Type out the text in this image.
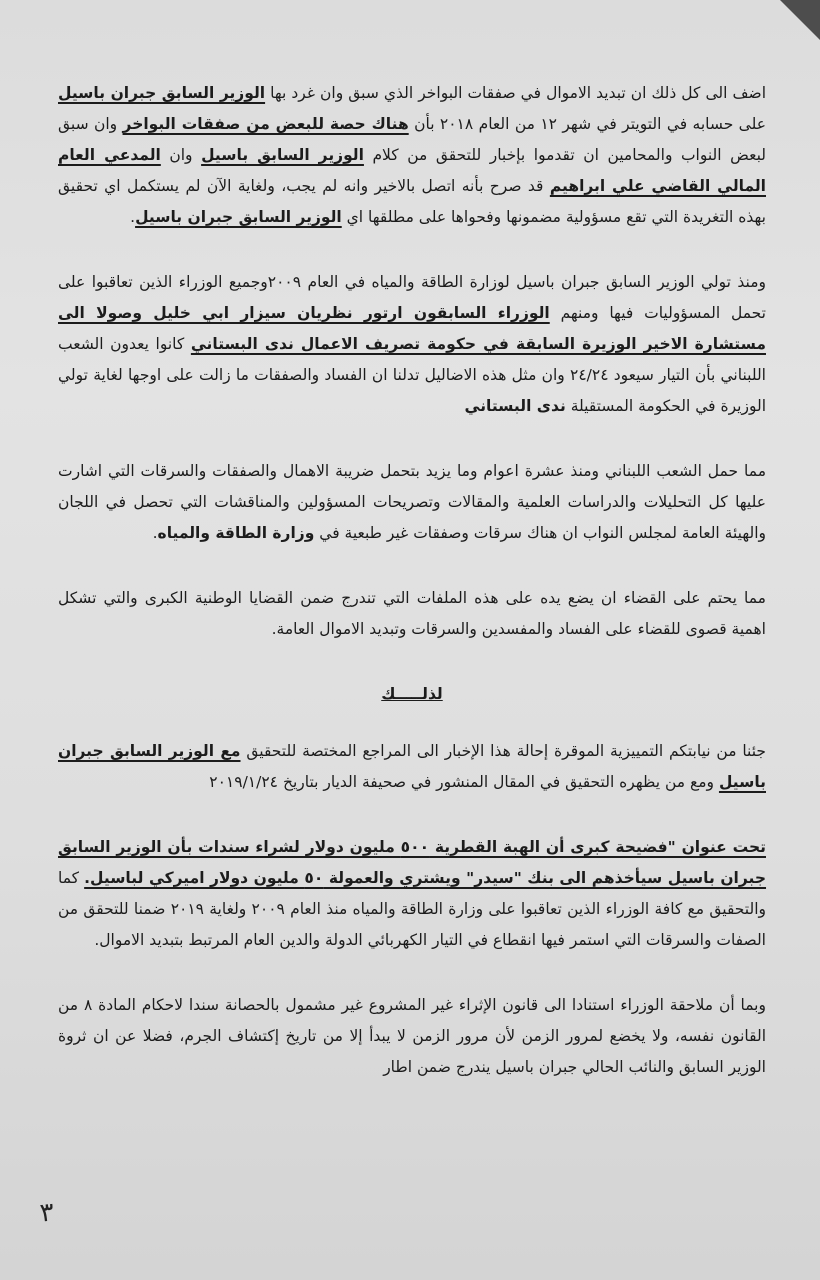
اضف الى كل ذلك ان تبديد الاموال في صفقات البواخر الذي سبق وان غرد بها الوزير السابق جبران باسيل على حسابه في التويتر في شهر ١٢ من العام ٢٠١٨ بأن هناك حصة للبعض من صفقات البواخر وان سبق لبعض النواب والمحامين ان تقدموا بإخبار للتحقق من كلام الوزير السابق باسيل وان المدعي العام المالي القاضي علي ابراهيم قد صرح بأنه اتصل بالاخير وانه لم يجب، ولغاية الآن لم يستكمل اي تحقيق بهذه التغريدة التي تقع مسؤولية مضمونها وفحواها على مطلقها اي الوزير السابق جبران باسيل.

ومنذ تولي الوزير السابق جبران باسيل لوزارة الطاقة والمياه في العام ٢٠٠٩وجميع الوزراء الذين تعاقبوا على تحمل المسؤوليات فيها ومنهم الوزراء السابقون ارتور نظريان سيزار ابي خليل وصولا الى مستشارة الاخير الوزيرة السابقة في حكومة تصريف الاعمال ندى البستاني كانوا يعدون الشعب اللبناني بأن التيار سيعود ٢٤/٢٤ وان مثل هذه الاضاليل تدلنا ان الفساد والصفقات ما زالت على اوجها لغاية تولي الوزيرة في الحكومة المستقيلة ندى البستاني

مما حمل الشعب اللبناني ومنذ عشرة اعوام وما يزيد بتحمل ضريبة الاهمال والصفقات والسرقات التي اشارت عليها كل التحليلات والدراسات العلمية والمقالات وتصريحات المسؤولين والمناقشات التي تحصل في اللجان والهيئة العامة لمجلس النواب ان هناك سرقات وصفقات غير طبعية في وزارة الطاقة والمياه.

مما يحتم على القضاء ان يضع يده على هذه الملفات التي تندرج ضمن القضايا الوطنية الكبرى والتي تشكل اهمية قصوى للقضاء على الفساد والمفسدين والسرقات وتبديد الاموال العامة.

لذلـــــك

جئنا من نيابتكم التمييزية الموقرة إحالة هذا الإخبار الى المراجع المختصة للتحقيق مع الوزير السابق جبران باسيل ومع من يظهره التحقيق في المقال المنشور في صحيفة الديار بتاريخ ٢٠١٩/١/٢٤

تحت عنوان "فضيحة كبرى أن الهبة القطرية ٥٠٠ مليون دولار لشراء سندات بأن الوزير السابق جبران باسيل سيأخذهم الى بنك "سيدر" ويشتري والعمولة ٥٠ مليون دولار اميركي لباسيل. كما والتحقيق مع كافة الوزراء الذين تعاقبوا على وزارة الطاقة والمياه منذ العام ٢٠٠٩ ولغاية ٢٠١٩ ضمنا للتحقق من الصفات والسرقات التي استمر فيها انقطاع في التيار الكهربائي الدولة والدين العام المرتبط بتبديد الاموال.

وبما أن ملاحقة الوزراء استنادا الى قانون الإثراء غير المشروع غير مشمول بالحصانة سندا لاحكام المادة ٨ من القانون نفسه، ولا يخضع لمرور الزمن لأن مرور الزمن لا يبدأ إلا من تاريخ إكتشاف الجرم، فضلا عن ان ثروة الوزير السابق والنائب الحالي جبران باسيل يندرج ضمن اطار

٣
